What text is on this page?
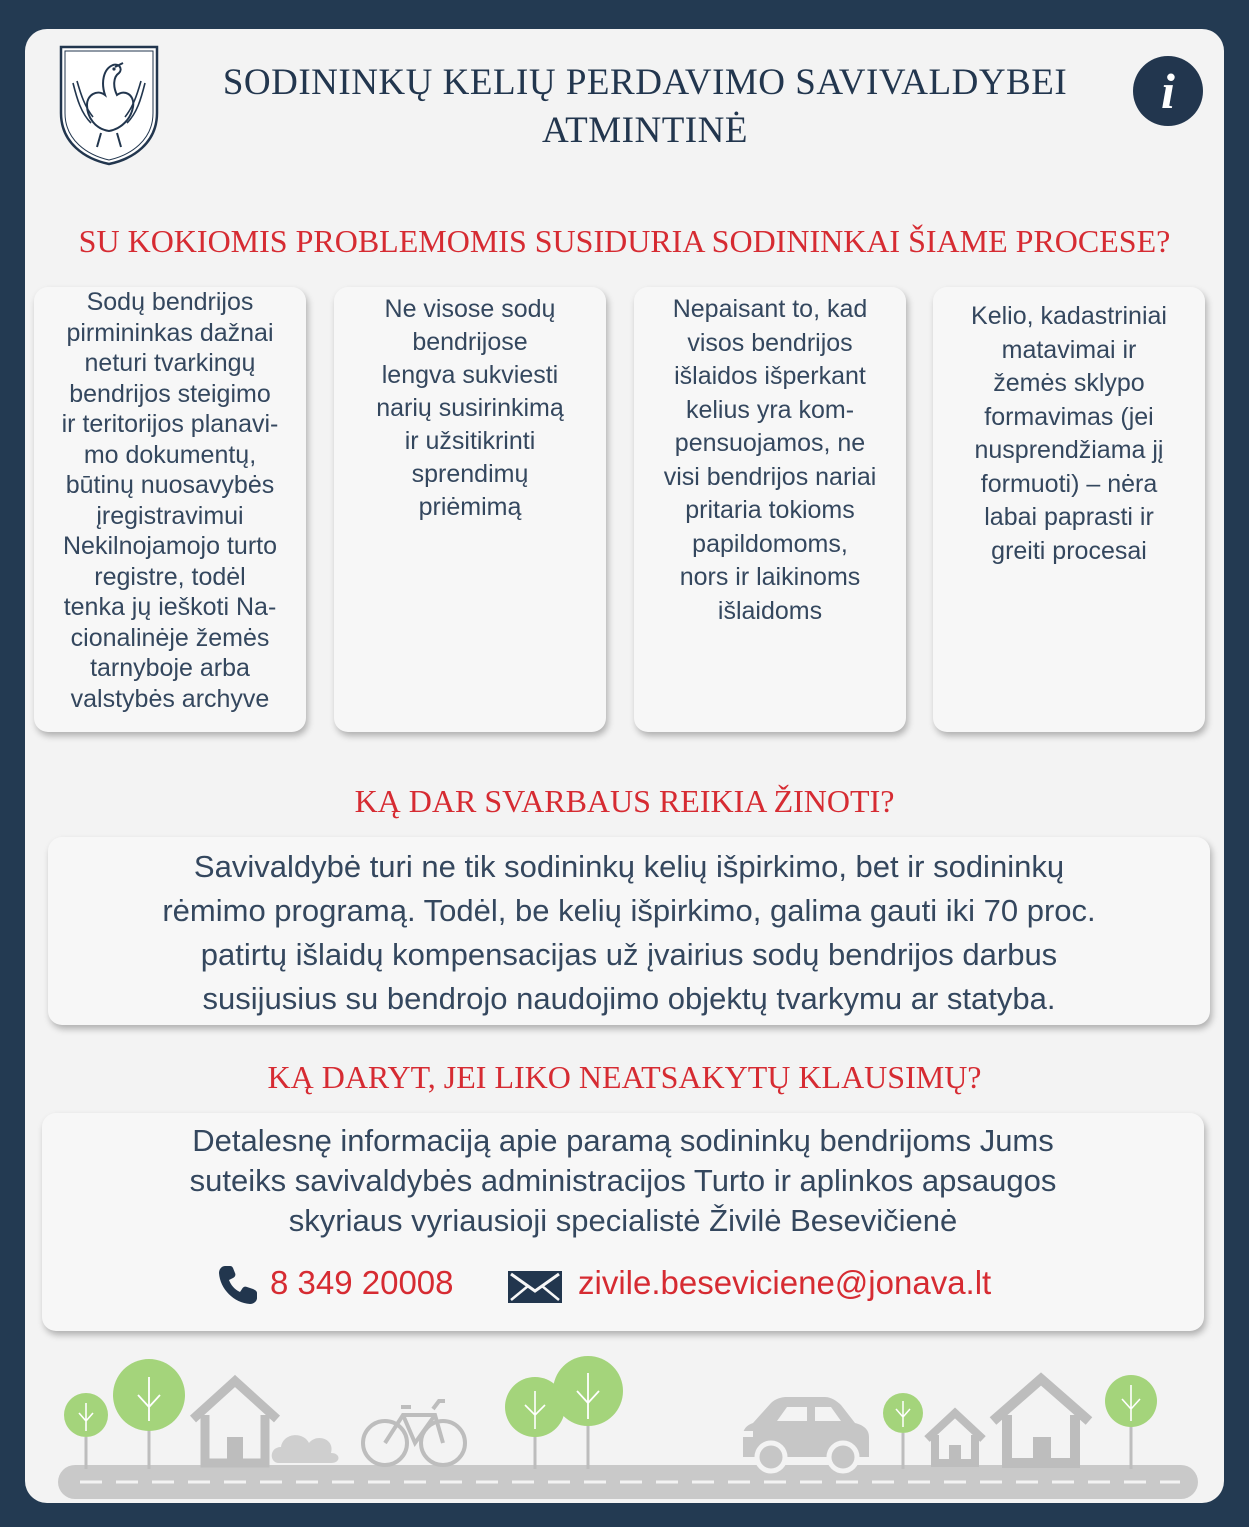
SODININKŲ KELIŲ PERDAVIMO SAVIVALDYBEI ATMINTINĖ
i
SU KOKIOMIS PROBLEMOMIS SUSIDURIA SODININKAI ŠIAME PROCESE?

Sodų bendrijos
pirmininkas dažnai
neturi tvarkingų
bendrijos steigimo
ir teritorijos planavi-
mo dokumentų,
būtinų nuosavybės
įregistravimui
Nekilnojamojo turto
registre, todėl
tenka jų ieškoti Na-
cionalinėje žemės
tarnyboje arba
valstybės archyve

Ne visose sodų
bendrijose
lengva sukviesti
narių susirinkimą
ir užsitikrinti
sprendimų
priėmimą

Nepaisant to, kad
visos bendrijos
išlaidos išperkant
kelius yra kom-
pensuojamos, ne
visi bendrijos nariai
pritaria tokioms
papildomoms,
nors ir laikinoms
išlaidoms

Kelio, kadastriniai
matavimai ir
žemės sklypo
formavimas (jei
nusprendžiama jį
formuoti) – nėra
labai paprasti ir
greiti procesai

KĄ DAR SVARBAUS REIKIA ŽINOTI?

Savivaldybė turi ne tik sodininkų kelių išpirkimo, bet ir sodininkų
rėmimo programą. Todėl, be kelių išpirkimo, galima gauti iki 70 proc.
patirtų išlaidų kompensacijas už įvairius sodų bendrijos darbus
susijusius su bendrojo naudojimo objektų tvarkymu ar statyba.

KĄ DARYT, JEI LIKO NEATSAKYTŲ KLAUSIMŲ?

Detalesnę informaciją apie paramą sodininkų bendrijoms Jums
suteiks savivaldybės administracijos Turto ir aplinkos apsaugos
skyriaus vyriausioji specialistė Živilė Besevičienė

8 349 20008	zivile.beseviciene@jonava.lt
